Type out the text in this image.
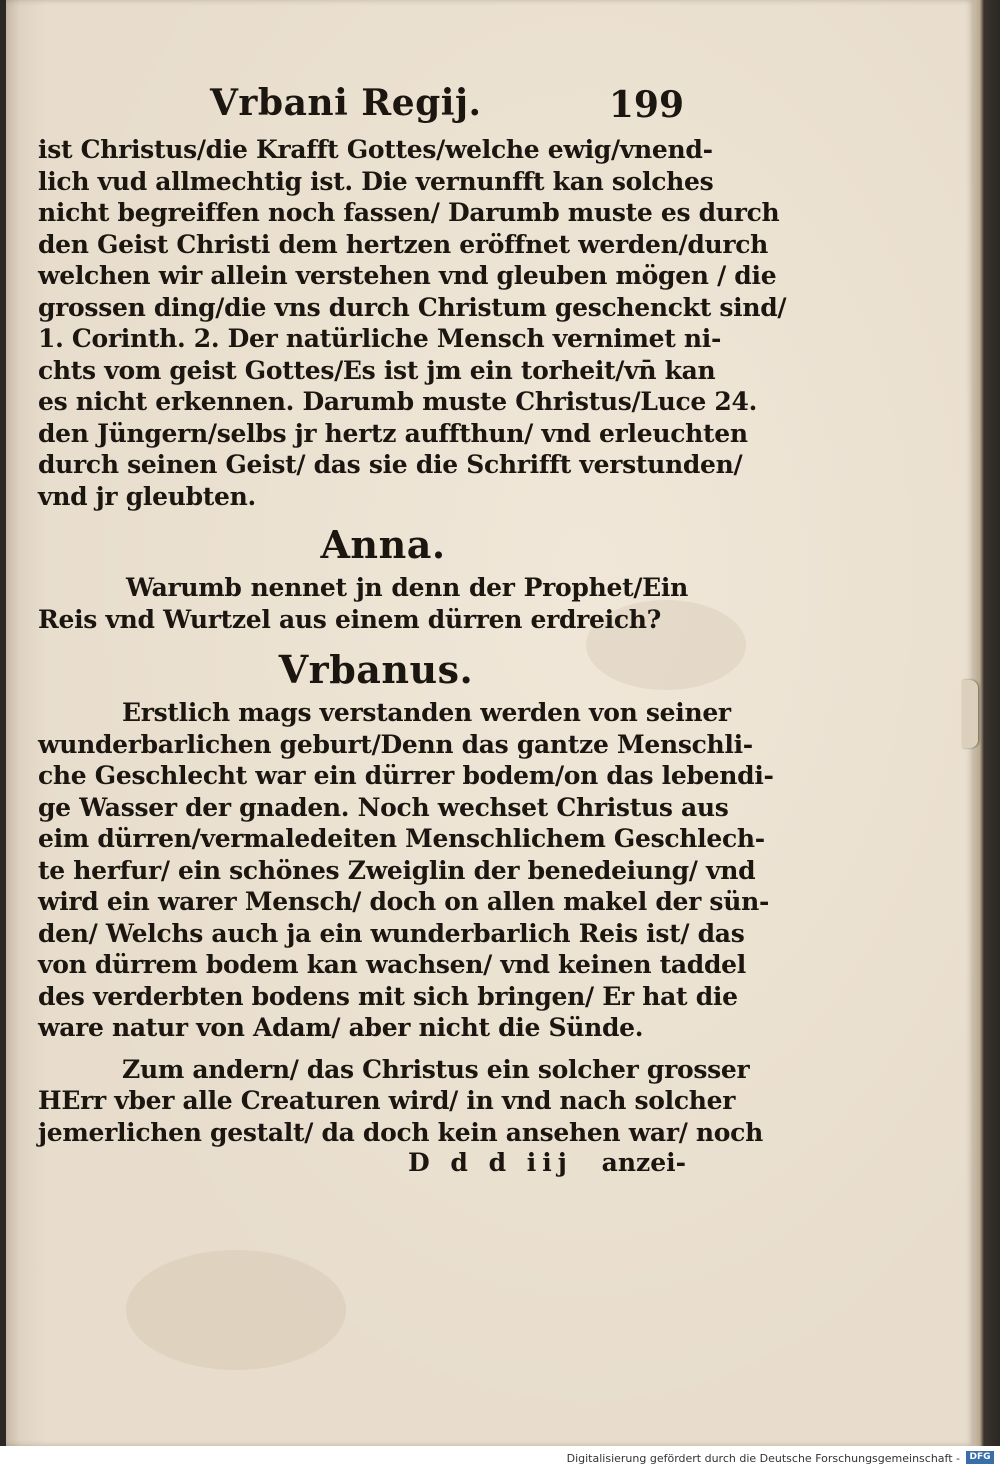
Vrbani Regij.	199
ist Christus/die Krafft Gottes/welche ewig/vnend-
lich vud allmechtig ist. Die vernunfft kan solches
nicht begreiffen noch fassen/ Darumb muste es durch
den Geist Christi dem hertzen eröffnet werden/durch
welchen wir allein verstehen vnd gleuben mögen / die
grossen ding/die vns durch Christum geschenckt sind/
1. Corinth. 2. Der natürliche Mensch vernimet ni-
chts vom geist Gottes/Es ist jm ein torheit/vn̄ kan
es nicht erkennen. Darumb muste Christus/Luce 24.
den Jüngern/selbs jr hertz auffthun/ vnd erleuchten
durch seinen Geist/ das sie die Schrifft verstunden/
vnd jr gleubten.
Anna.
Warumb nennet jn denn der Prophet/Ein
Reis vnd Wurtzel aus einem dürren erdreich?
Vrbanus.
Erstlich mags verstanden werden von seiner
wunderbarlichen geburt/Denn das gantze Menschli-
che Geschlecht war ein dürrer bodem/on das lebendi-
ge Wasser der gnaden. Noch wechset Christus aus
eim dürren/vermaledeiten Menschlichem Geschlech-
te herfur/ ein schönes Zweiglin der benedeiung/ vnd
wird ein warer Mensch/ doch on allen makel der sün-
den/ Welchs auch ja ein wunderbarlich Reis ist/ das
von dürrem bodem kan wachsen/ vnd keinen taddel
des verderbten bodens mit sich bringen/ Er hat die
ware natur von Adam/ aber nicht die Sünde.
Zum andern/ das Christus ein solcher grosser
HErr vber alle Creaturen wird/ in vnd nach solcher
jemerlichen gestalt/ da doch kein ansehen war/ noch
D d d iij anzei-
Digitalisierung gefördert durch die Deutsche Forschungsgemeinschaft -	DFG
